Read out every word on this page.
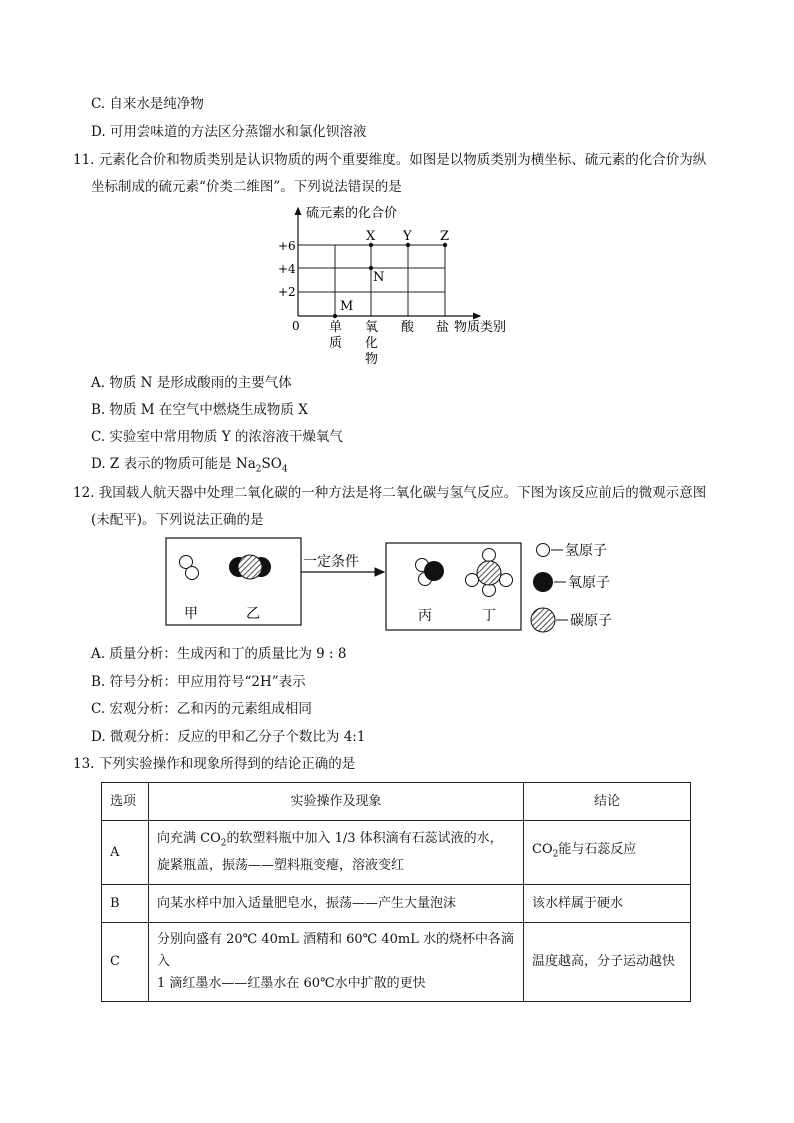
C. 自来水是纯净物
D. 可用尝味道的方法区分蒸馏水和氯化钡溶液
11. 元素化合价和物质类别是认识物质的两个重要维度。如图是以物质类别为横坐标、硫元素的化合价为纵
坐标制成的硫元素“价类二维图”。下列说法错误的是
硫元素的化合价
0
+6
+4
+2
单
质
氧
化
物
酸 盐 物质类别
M
N
X Y Z
A. 物质 N 是形成酸雨的主要气体
B. 物质 M 在空气中燃烧生成物质 X
C. 实验室中常用物质 Y 的浓溶液干燥氧气
D. Z 表示的物质可能是 $Na_2SO_4$
12. 我国载人航天器中处理二氧化碳的一种方法是将二氧化碳与氢气反应。下图为该反应前后的微观示意图
(未配平)。下列说法正确的是
甲	乙
一定条件
丙	丁
氢原子
氧原子
碳原子
A. 质量分析：生成丙和丁的质量比为 9 : 8
B. 符号分析：甲应用符号“2H”表示
C. 宏观分析：乙和丙的元素组成相同
D. 微观分析：反应的甲和乙分子个数比为 4:1
13. 下列实验操作和现象所得到的结论正确的是
选项	实验操作及现象	结论
A	向充满 $CO_2$的软塑料瓶中加入 1/3 体积滴有石蕊试液的水，
旋紧瓶盖，振荡——塑料瓶变瘪，溶液变红	$CO_2$能与石蕊反应
B	向某水样中加入适量肥皂水，振荡——产生大量泡沫	该水样属于硬水
C	分别向盛有 20℃ 40mL 酒精和 60℃ 40mL 水的烧杯中各滴入
1 滴红墨水——红墨水在 60℃水中扩散的更快	温度越高，分子运动越快
